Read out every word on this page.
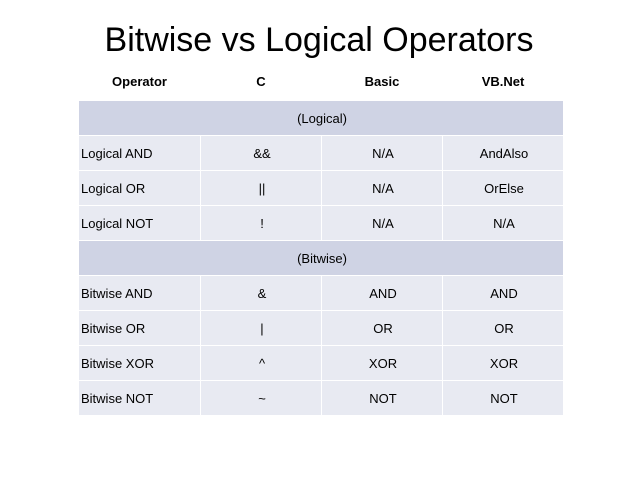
Bitwise vs Logical Operators
Operator	C	Basic	VB.Net
(Logical)			
Logical AND	&&	N/A	AndAlso
Logical OR	||	N/A	OrElse
Logical NOT	!	N/A	N/A
(Bitwise)			
Bitwise AND	&	AND	AND
Bitwise OR	|	OR	OR
Bitwise XOR	^	XOR	XOR
Bitwise NOT	~	NOT	NOT
